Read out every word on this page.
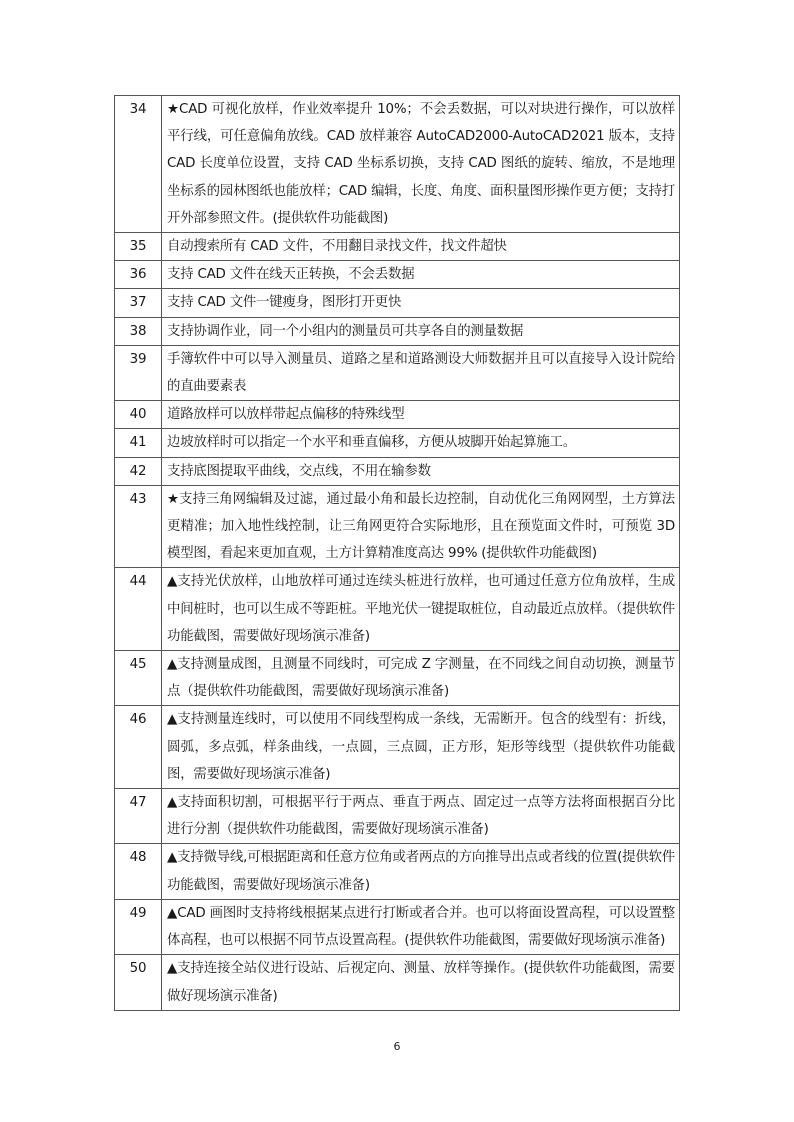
34	★CAD 可视化放样，作业效率提升 10%；不会丢数据，可以对块进行操作，可以放样平行线，可任意偏角放线。CAD 放样兼容 AutoCAD2000-AutoCAD2021 版本，支持 CAD 长度单位设置，支持 CAD 坐标系切换，支持 CAD 图纸的旋转、缩放，不是地理坐标系的园林图纸也能放样；CAD 编辑，长度、角度、面积量图形操作更方便；支持打开外部参照文件。(提供软件功能截图)
35	自动搜索所有 CAD 文件，不用翻目录找文件，找文件超快
36	支持 CAD 文件在线天正转换，不会丢数据
37	支持 CAD 文件一键瘦身，图形打开更快
38	支持协调作业，同一个小组内的测量员可共享各自的测量数据
39	手簿软件中可以导入测量员、道路之星和道路测设大师数据并且可以直接导入设计院给的直曲要素表
40	道路放样可以放样带起点偏移的特殊线型
41	边坡放样时可以指定一个水平和垂直偏移，方便从坡脚开始起算施工。
42	支持底图提取平曲线，交点线，不用在输参数
43	★支持三角网编辑及过滤，通过最小角和最长边控制，自动优化三角网网型，土方算法更精准；加入地性线控制，让三角网更符合实际地形，且在预览面文件时，可预览 3D 模型图，看起来更加直观，土方计算精准度高达 99% (提供软件功能截图)
44	▲支持光伏放样，山地放样可通过连续头桩进行放样，也可通过任意方位角放样，生成中间桩时，也可以生成不等距桩。平地光伏一键提取桩位，自动最近点放样。（提供软件功能截图，需要做好现场演示准备)
45	▲支持测量成图，且测量不同线时，可完成 Z 字测量，在不同线之间自动切换，测量节点（提供软件功能截图，需要做好现场演示准备)
46	▲支持测量连线时，可以使用不同线型构成一条线，无需断开。包含的线型有：折线，圆弧，多点弧，样条曲线，一点圆，三点圆，正方形，矩形等线型（提供软件功能截图，需要做好现场演示准备)
47	▲支持面积切割，可根据平行于两点、垂直于两点、固定过一点等方法将面根据百分比进行分割（提供软件功能截图，需要做好现场演示准备)
48	▲支持微导线,可根据距离和任意方位角或者两点的方向推导出点或者线的位置(提供软件功能截图，需要做好现场演示准备)
49	▲CAD 画图时支持将线根据某点进行打断或者合并。也可以将面设置高程，可以设置整体高程，也可以根据不同节点设置高程。(提供软件功能截图，需要做好现场演示准备)
50	▲支持连接全站仪进行设站、后视定向、测量、放样等操作。(提供软件功能截图，需要做好现场演示准备)
6
